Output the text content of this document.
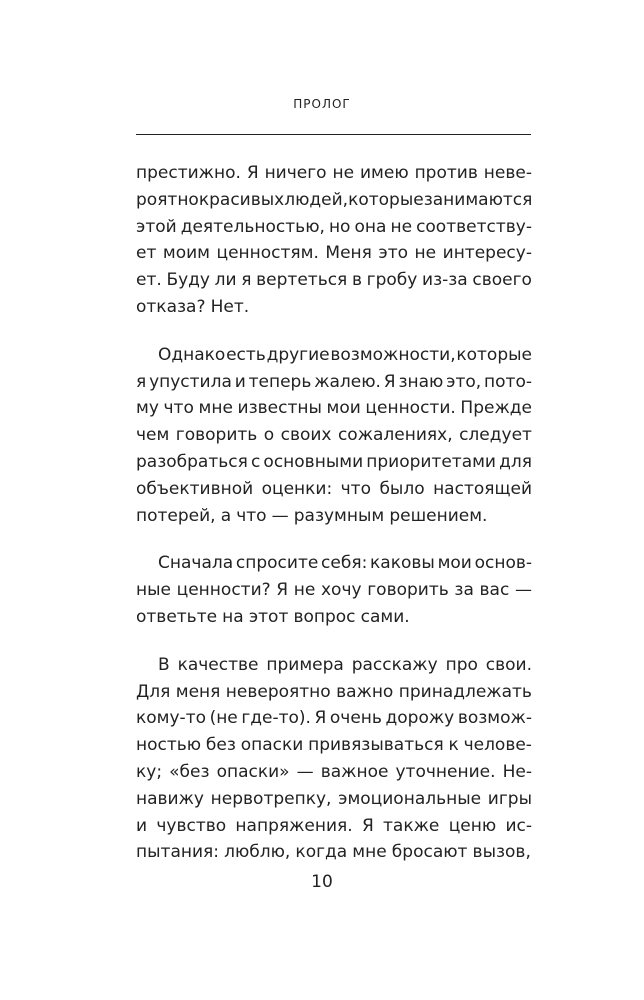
ПРОЛОГ
престижно. Я ничего не имею против неве-
роятно красивых людей, которые занимаются
этой деятельностью, но она не соответству-
ет моим ценностям. Меня это не интересу-
ет. Буду ли я вертеться в гробу из-за своего
отказа? Нет.
Однако есть другие возможности, которые
я упустила и теперь жалею. Я знаю это, пото-
му что мне известны мои ценности. Прежде
чем говорить о своих сожалениях, следует
разобраться с основными приоритетами для
объективной оценки: что было настоящей
потерей, а что — разумным решением.
Сначала спросите себя: каковы мои основ-
ные ценности? Я не хочу говорить за вас —
ответьте на этот вопрос сами.
В качестве примера расскажу про свои.
Для меня невероятно важно принадлежать
кому-то (не где-то). Я очень дорожу возмож-
ностью без опаски привязываться к челове-
ку; «без опаски» — важное уточнение. Не-
навижу нервотрепку, эмоциональные игры
и чувство напряжения. Я также ценю ис-
пытания: люблю, когда мне бросают вызов,
10
